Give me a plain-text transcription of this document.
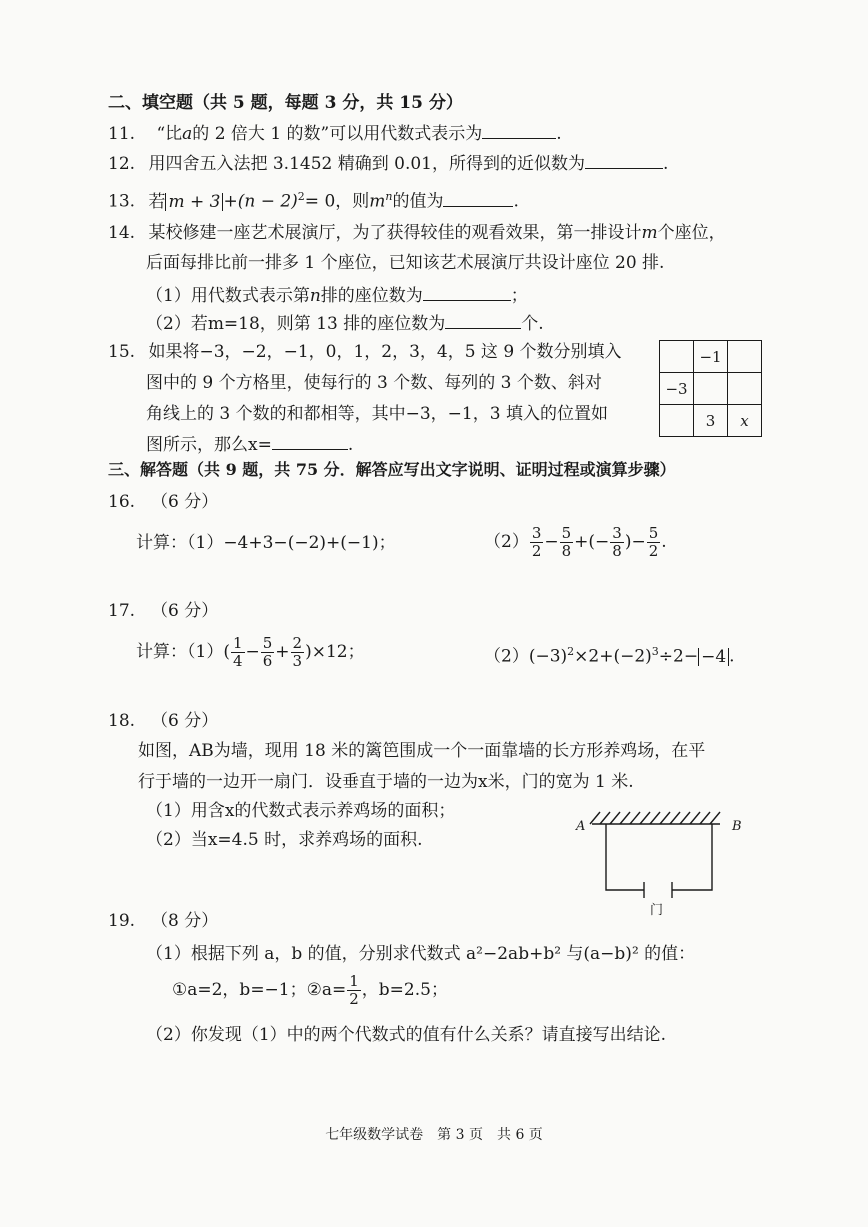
二、填空题（共 5 题，每题 3 分，共 15 分）
11. “比a的 2 倍大 1 的数”可以用代数式表示为	.
12. 用四舍五入法把 3.1452 精确到 0.01，所得到的近似数为	.
13. 若 $m + 3 +(n - 2)^2= 0$，则$m^n$的值为	.
14. 某校修建一座艺术展演厅，为了获得较佳的观看效果，第一排设计m个座位，
后面每排比前一排多 1 个座位，已知该艺术展演厅共设计座位 20 排.
（1）用代数式表示第n排的座位数为	；
（2）若m=18，则第 13 排的座位数为	个.
15. 如果将−3，−2，−1，0，1，2，3，4，5 这 9 个数分别填入
图中的 9 个方格里，使每行的 3 个数、每列的 3 个数、斜对
角线上的 3 个数的和都相等，其中−3，−1，3 填入的位置如
图所示，那么x=	.
	−1	
−3		
	3	x
三、解答题（共 9 题，共 75 分．解答应写出文字说明、证明过程或演算步骤）
16. （6 分）
计算：（1）−4+3−(−2)+(−1)；	$(2) \frac{3}{2} - \frac{5}{8}$ +(− $\frac{3}{8}$ )− $\frac{5}{2}$ .
17. （6 分）
计算：$(1)( \frac{1}{4} - \frac{5}{6} + \frac{2}{3} )\times 12$；	$(2)(-3)^2\times 2+(-2)^3\div 2- -4$ .
18. （6 分）
如图，AB为墙，现用 18 米的篱笆围成一个一面靠墙的长方形养鸡场，在平
行于墙的一边开一扇门．设垂直于墙的一边为x米，门的宽为 1 米.
（1）用含x的代数式表示养鸡场的面积；
（2）当x=4.5 时，求养鸡场的面积.
A	B
门
19. （8 分）
（1）根据下列 a，b 的值，分别求代数式 a²−2ab+b² 与(a−b)² 的值：
①a=2，b=−1；②a= $\frac{1}{2}$ ，b=2.5；
（2）你发现（1）中的两个代数式的值有什么关系？请直接写出结论.
七年级数学试卷　第 3 页　共 6 页
